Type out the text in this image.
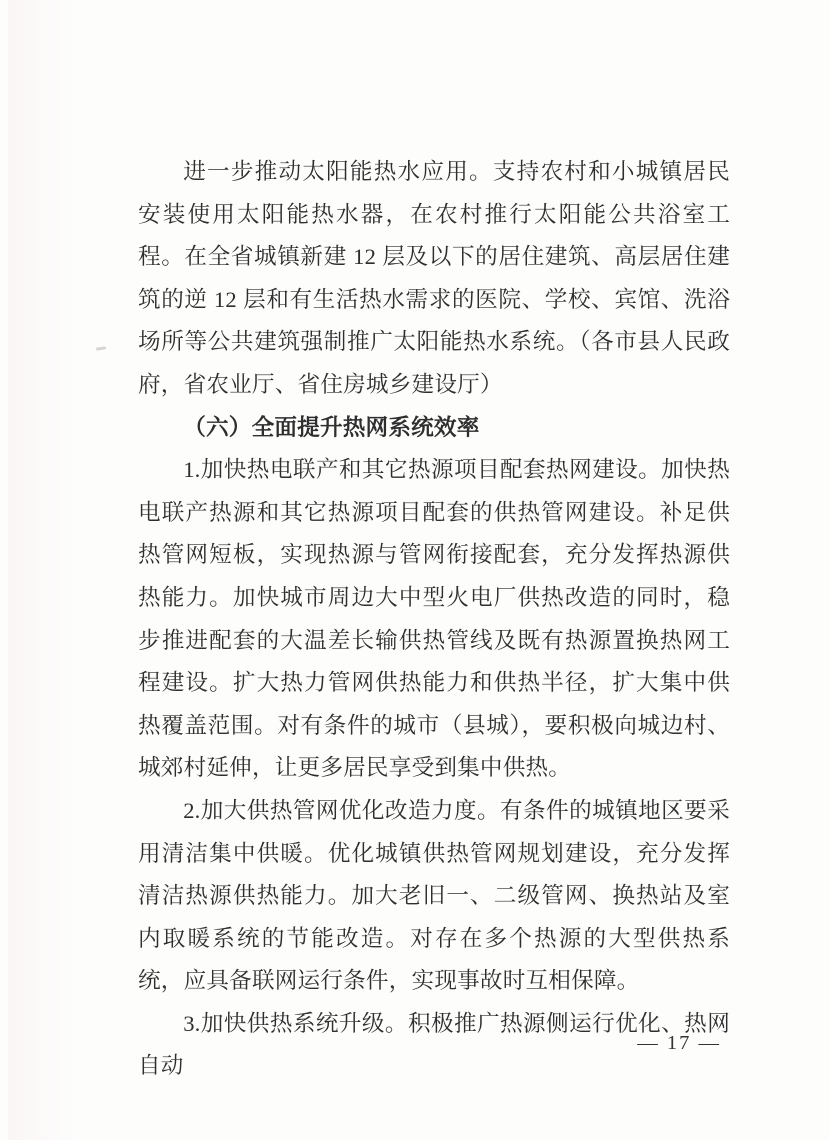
进一步推动太阳能热水应用。支持农村和小城镇居民安装使用太阳能热水器，在农村推行太阳能公共浴室工程。在全省城镇新建 12 层及以下的居住建筑、高层居住建筑的逆 12 层和有生活热水需求的医院、学校、宾馆、洗浴场所等公共建筑强制推广太阳能热水系统。（各市县人民政府，省农业厅、省住房城乡建设厅）

（六）全面提升热网系统效率

1.加快热电联产和其它热源项目配套热网建设。加快热电联产热源和其它热源项目配套的供热管网建设。补足供热管网短板，实现热源与管网衔接配套，充分发挥热源供热能力。加快城市周边大中型火电厂供热改造的同时，稳步推进配套的大温差长输供热管线及既有热源置换热网工程建设。扩大热力管网供热能力和供热半径，扩大集中供热覆盖范围。对有条件的城市（县城），要积极向城边村、城郊村延伸，让更多居民享受到集中供热。

2.加大供热管网优化改造力度。有条件的城镇地区要采用清洁集中供暖。优化城镇供热管网规划建设，充分发挥清洁热源供热能力。加大老旧一、二级管网、换热站及室内取暖系统的节能改造。对存在多个热源的大型供热系统，应具备联网运行条件，实现事故时互相保障。

3.加快供热系统升级。积极推广热源侧运行优化、热网自动

— 17 —
